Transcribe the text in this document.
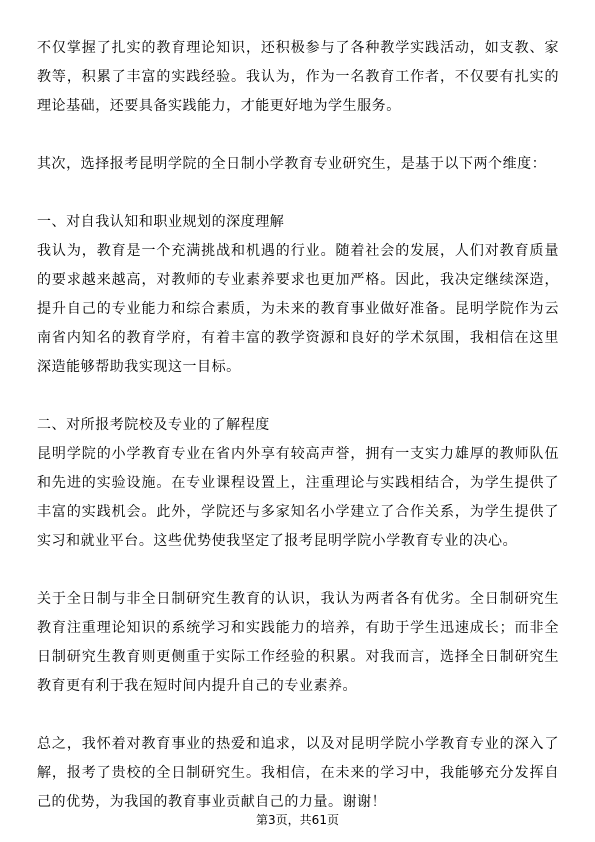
不仅掌握了扎实的教育理论知识，还积极参与了各种教学实践活动，如支教、家教等，积累了丰富的实践经验。我认为，作为一名教育工作者，不仅要有扎实的理论基础，还要具备实践能力，才能更好地为学生服务。

其次，选择报考昆明学院的全日制小学教育专业研究生，是基于以下两个维度：

一、对自我认知和职业规划的深度理解

我认为，教育是一个充满挑战和机遇的行业。随着社会的发展，人们对教育质量的要求越来越高，对教师的专业素养要求也更加严格。因此，我决定继续深造，提升自己的专业能力和综合素质，为未来的教育事业做好准备。昆明学院作为云南省内知名的教育学府，有着丰富的教学资源和良好的学术氛围，我相信在这里深造能够帮助我实现这一目标。

二、对所报考院校及专业的了解程度

昆明学院的小学教育专业在省内外享有较高声誉，拥有一支实力雄厚的教师队伍和先进的实验设施。在专业课程设置上，注重理论与实践相结合，为学生提供了丰富的实践机会。此外，学院还与多家知名小学建立了合作关系，为学生提供了实习和就业平台。这些优势使我坚定了报考昆明学院小学教育专业的决心。

关于全日制与非全日制研究生教育的认识，我认为两者各有优劣。全日制研究生教育注重理论知识的系统学习和实践能力的培养，有助于学生迅速成长；而非全日制研究生教育则更侧重于实际工作经验的积累。对我而言，选择全日制研究生教育更有利于我在短时间内提升自己的专业素养。

总之，我怀着对教育事业的热爱和追求，以及对昆明学院小学教育专业的深入了解，报考了贵校的全日制研究生。我相信，在未来的学习中，我能够充分发挥自己的优势，为我国的教育事业贡献自己的力量。谢谢！

第3页，共61页
